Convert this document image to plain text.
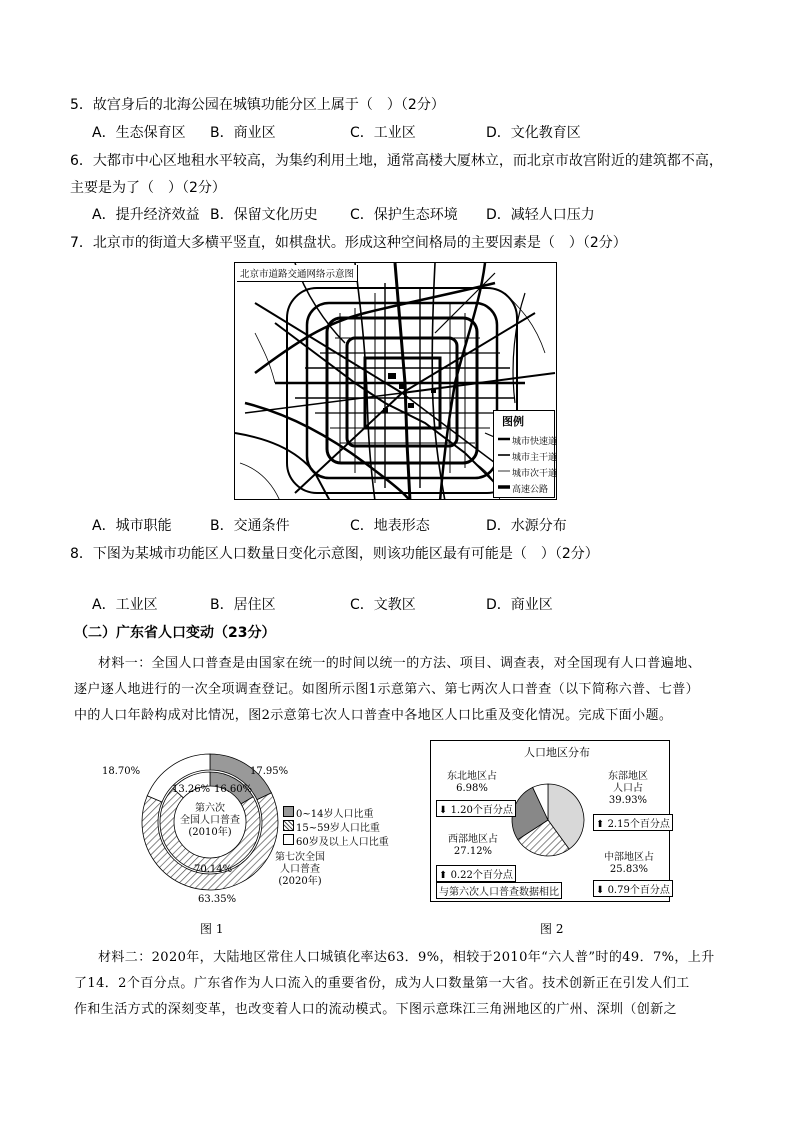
5．故宫身后的北海公园在城镇功能分区上属于（　）（2分）
A．生态保育区 B．商业区	C．工业区	D．文化教育区
6．大都市中心区地租水平较高，为集约利用土地，通常高楼大厦林立，而北京市故宫附近的建筑都不高，
主要是为了（　）（2分）
A．提升经济效益 B．保留文化历史 C．保护生态环境 D．减轻人口压力
7．北京市的街道大多横平竖直，如棋盘状。形成这种空间格局的主要因素是（　）（2分）
北京市道路交通网络示意图
图例
城市快速道
城市主干道
城市次干道
高速公路
A．城市职能	B．交通条件	C．地表形态	D．水源分布
8．下图为某城市功能区人口数量日变化示意图，则该功能区最有可能是（　）（2分）
A．工业区	B．居住区	C．文教区	D．商业区
（二）广东省人口变动（23分）
材料一：全国人口普查是由国家在统一的时间以统一的方法、项目、调查表，对全国现有人口普遍地、
逐户逐人地进行的一次全项调查登记。如图所示图1示意第六、第七两次人口普查（以下简称六普、七普）
中的人口年龄构成对比情况，图2示意第七次人口普查中各地区人口比重及变化情况。完成下面小题。
18.70%	17.95%
16.60%
13.26%
70.14%
63.35%
第六次
全国人口普查
(2010年)
第七次全国
人口普查
(2020年)
0~14岁人口比重
15~59岁人口比重
60岁及以上人口比重
图 1
人口地区分布
东北地区占
6.98%
⬇ 1.20个百分点
东部地区
人口占
39.93%
⬆ 2.15个百分点
西部地区占
27.12%
⬆ 0.22个百分点
中部地区占
25.83%
⬇ 0.79个百分点
与第六次人口普查数据相比
图 2
材料二：2020年，大陆地区常住人口城镇化率达63．9%，相较于2010年“六人普”时的49．7%，上升
了14．2个百分点。广东省作为人口流入的重要省份，成为人口数量第一大省。技术创新正在引发人们工
作和生活方式的深刻变革，也改变着人口的流动模式。下图示意珠江三角洲地区的广州、深圳（创新之
